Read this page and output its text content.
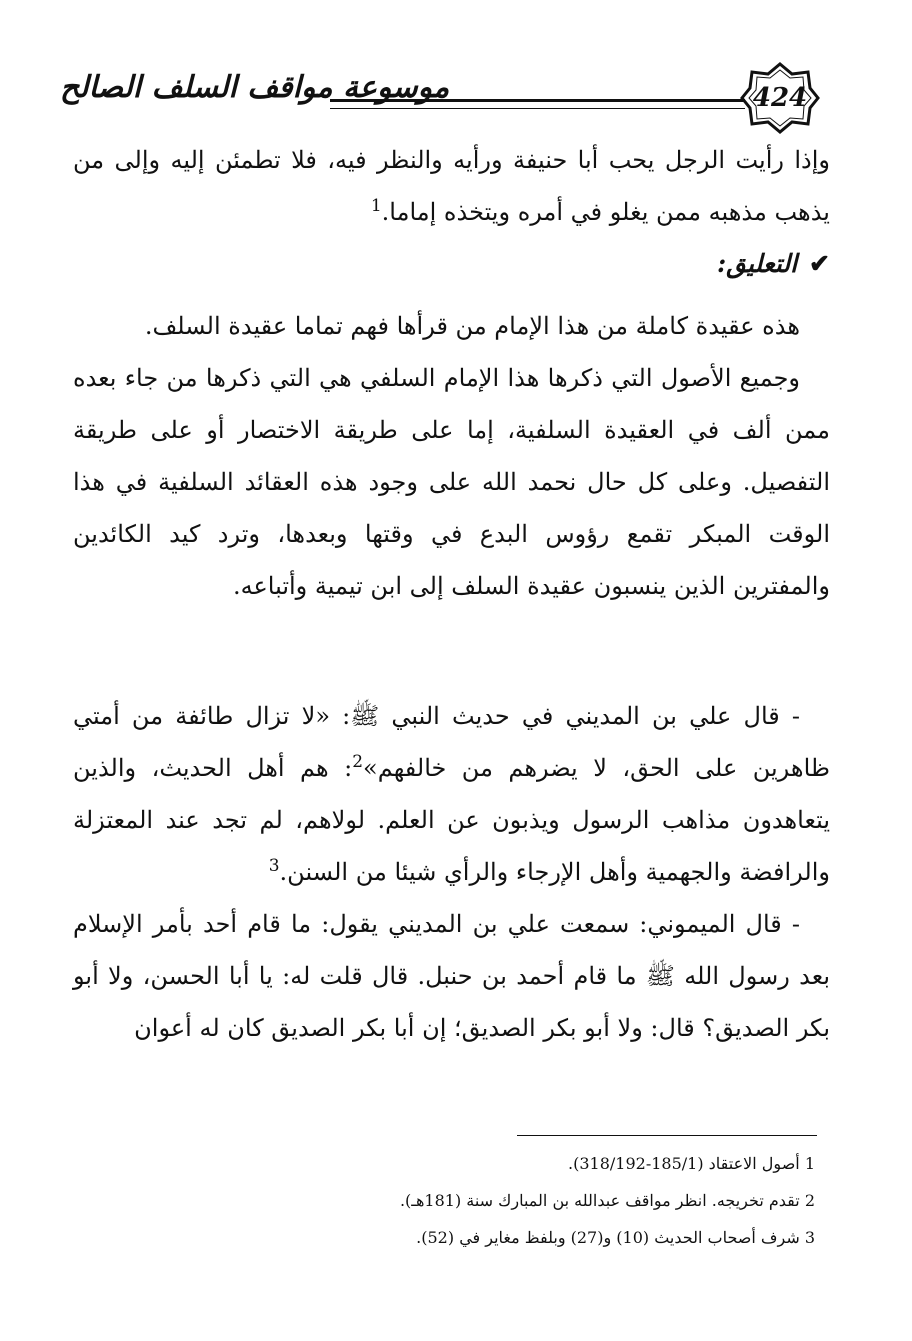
موسوعة مواقف السلف الصالح	424

وإذا رأيت الرجل يحب أبا حنيفة ورأيه والنظر فيه، فلا تطمئن إليه وإلى من يذهب مذهبه ممن يغلو في أمره ويتخذه إماما.$^1$

✔التعليق:

هذه عقيدة كاملة من هذا الإمام من قرأها فهم تماما عقيدة السلف.

وجميع الأصول التي ذكرها هذا الإمام السلفي هي التي ذكرها من جاء بعده ممن ألف في العقيدة السلفية، إما على طريقة الاختصار أو على طريقة التفصيل. وعلى كل حال نحمد الله على وجود هذه العقائد السلفية في هذا الوقت المبكر تقمع رؤوس البدع في وقتها وبعدها، وترد كيد الكائدين والمفترين الذين ينسبون عقيدة السلف إلى ابن تيمية وأتباعه.

- قال علي بن المديني في حديث النبي ﷺ: «لا تزال طائفة من أمتي ظاهرين على الحق، لا يضرهم من خالفهم»$^2$: هم أهل الحديث، والذين يتعاهدون مذاهب الرسول ويذبون عن العلم. لولاهم، لم تجد عند المعتزلة والرافضة والجهمية وأهل الإرجاء والرأي شيئا من السنن.$^3$

- قال الميموني: سمعت علي بن المديني يقول: ما قام أحد بأمر الإسلام بعد رسول الله ﷺ ما قام أحمد بن حنبل. قال قلت له: يا أبا الحسن، ولا أبو بكر الصديق؟ قال: ولا أبو بكر الصديق؛ إن أبا بكر الصديق كان له أعوان

1 أصول الاعتقاد (185/1-318/192).

2 تقدم تخريجه. انظر مواقف عبدالله بن المبارك سنة (181هـ).

3 شرف أصحاب الحديث (10) و(27) وبلفظ مغاير في (52).
